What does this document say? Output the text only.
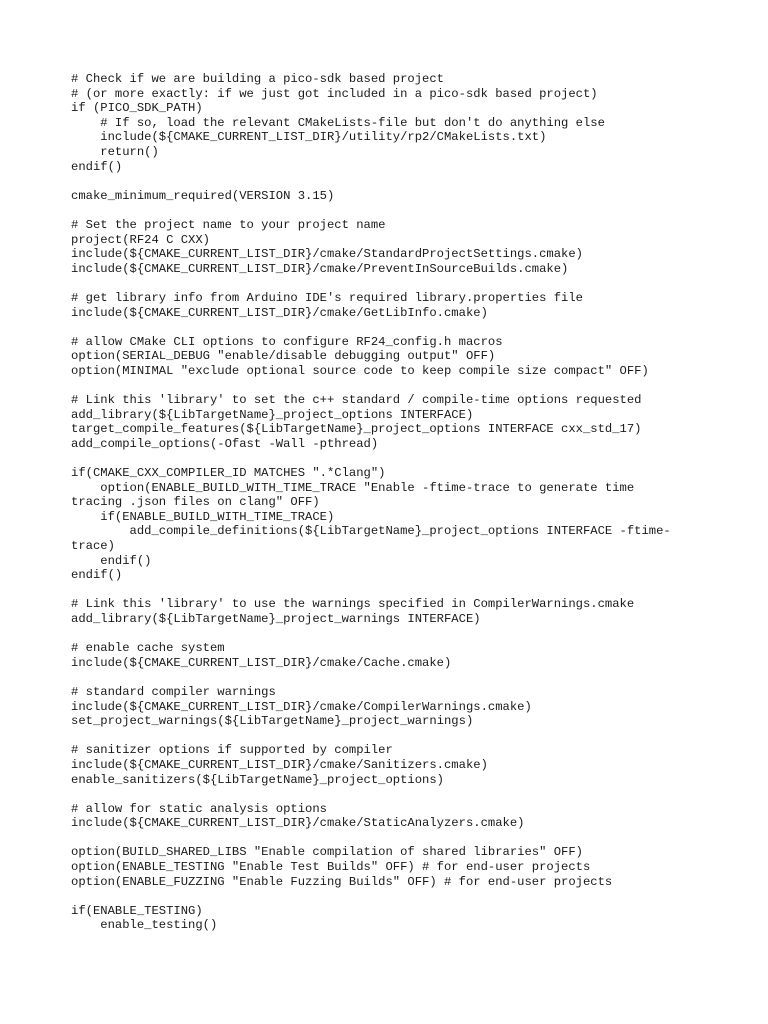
# Check if we are building a pico-sdk based project
# (or more exactly: if we just got included in a pico-sdk based project)
if (PICO_SDK_PATH)
# If so, load the relevant CMakeLists-file but don't do anything else
include(${CMAKE_CURRENT_LIST_DIR}/utility/rp2/CMakeLists.txt)
return()
endif()
cmake_minimum_required(VERSION 3.15)
# Set the project name to your project name
project(RF24 C CXX)
include(${CMAKE_CURRENT_LIST_DIR}/cmake/StandardProjectSettings.cmake)
include(${CMAKE_CURRENT_LIST_DIR}/cmake/PreventInSourceBuilds.cmake)
# get library info from Arduino IDE's required library.properties file
include(${CMAKE_CURRENT_LIST_DIR}/cmake/GetLibInfo.cmake)
# allow CMake CLI options to configure RF24_config.h macros
option(SERIAL_DEBUG "enable/disable debugging output" OFF)
option(MINIMAL "exclude optional source code to keep compile size compact" OFF)
# Link this 'library' to set the c++ standard / compile-time options requested
add_library(${LibTargetName}_project_options INTERFACE)
target_compile_features(${LibTargetName}_project_options INTERFACE cxx_std_17)
add_compile_options(-Ofast -Wall -pthread)
if(CMAKE_CXX_COMPILER_ID MATCHES ".*Clang")
option(ENABLE_BUILD_WITH_TIME_TRACE "Enable -ftime-trace to generate time
tracing .json files on clang" OFF)
if(ENABLE_BUILD_WITH_TIME_TRACE)
add_compile_definitions(${LibTargetName}_project_options INTERFACE -ftime-
trace)
endif()
endif()
# Link this 'library' to use the warnings specified in CompilerWarnings.cmake
add_library(${LibTargetName}_project_warnings INTERFACE)
# enable cache system
include(${CMAKE_CURRENT_LIST_DIR}/cmake/Cache.cmake)
# standard compiler warnings
include(${CMAKE_CURRENT_LIST_DIR}/cmake/CompilerWarnings.cmake)
set_project_warnings(${LibTargetName}_project_warnings)
# sanitizer options if supported by compiler
include(${CMAKE_CURRENT_LIST_DIR}/cmake/Sanitizers.cmake)
enable_sanitizers(${LibTargetName}_project_options)
# allow for static analysis options
include(${CMAKE_CURRENT_LIST_DIR}/cmake/StaticAnalyzers.cmake)
option(BUILD_SHARED_LIBS "Enable compilation of shared libraries" OFF)
option(ENABLE_TESTING "Enable Test Builds" OFF) # for end-user projects
option(ENABLE_FUZZING "Enable Fuzzing Builds" OFF) # for end-user projects
if(ENABLE_TESTING)
enable_testing()
